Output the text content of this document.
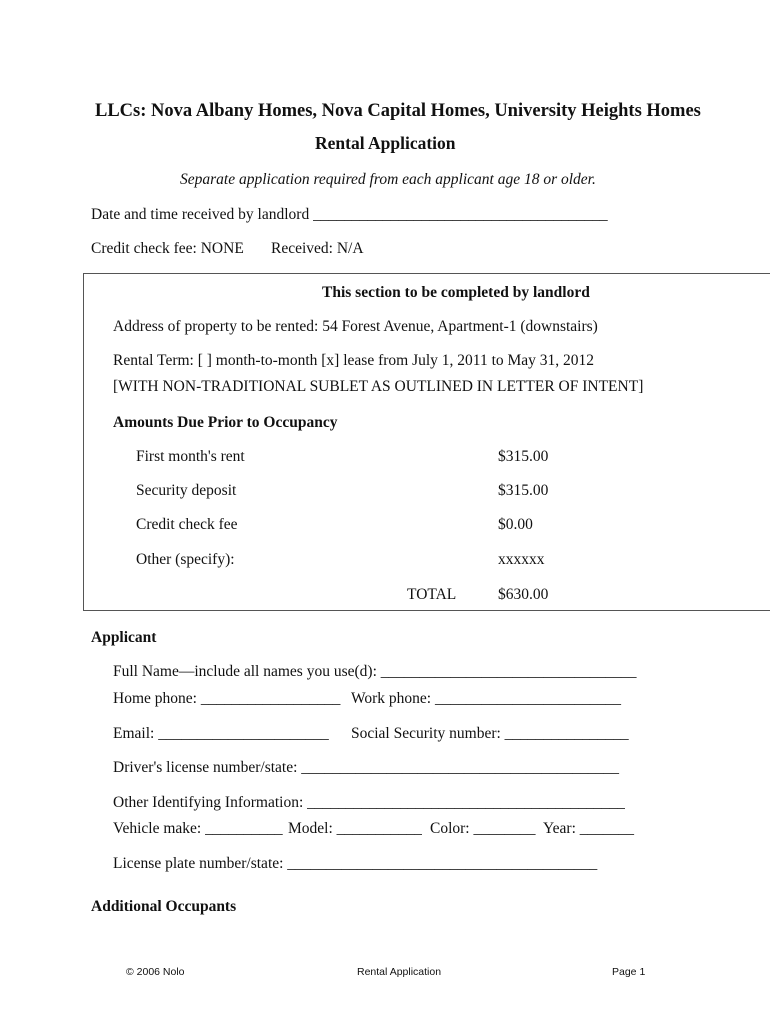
LLCs: Nova Albany Homes, Nova Capital Homes, University Heights Homes
Rental Application
Separate application required from each applicant age 18 or older.
Date and time received by landlord ______________________________________
Credit check fee: NONE Received: N/A
This section to be completed by landlord
Address of property to be rented: 54 Forest Avenue, Apartment-1 (downstairs)
Rental Term: [ ] month-to-month [x] lease from July 1, 2011 to May 31, 2012
[WITH NON-TRADITIONAL SUBLET AS OUTLINED IN LETTER OF INTENT]
Amounts Due Prior to Occupancy
First month's rent	$315.00
Security deposit	$315.00
Credit check fee	$0.00
Other (specify):	xxxxxx
TOTAL	$630.00
Applicant
Full Name—include all names you use(d): _________________________________
Home phone: __________________ Work phone: ________________________
Email: ______________________ Social Security number: ________________
Driver's license number/state: _________________________________________
Other Identifying Information: _________________________________________
Vehicle make: __________ Model: ___________ Color: ________ Year: _______
License plate number/state: ________________________________________
Additional Occupants
© 2006 Nolo	Rental Application	Page 1
